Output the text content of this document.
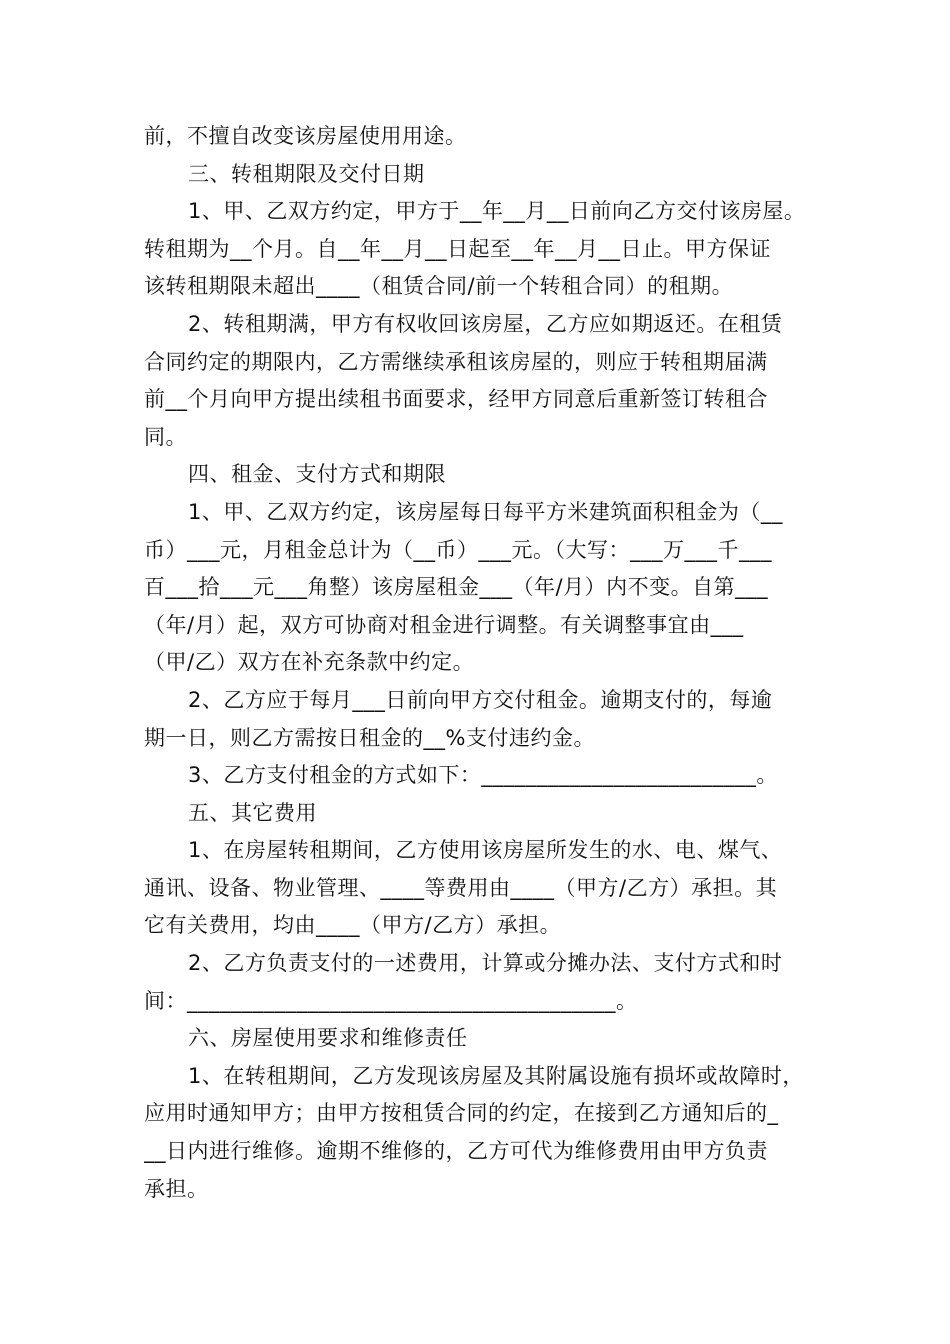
前，不擅自改变该房屋使用用途。
三、转租期限及交付日期
1、甲、乙双方约定，甲方于__年__月__日前向乙方交付该房屋。
转租期为__个月。自__年__月__日起至__年__月__日止。甲方保证
该转租期限未超出____（租赁合同/前一个转租合同）的租期。
2、转租期满，甲方有权收回该房屋，乙方应如期返还。在租赁
合同约定的期限内，乙方需继续承租该房屋的，则应于转租期届满
前__个月向甲方提出续租书面要求，经甲方同意后重新签订转租合
同。
四、租金、支付方式和期限
1、甲、乙双方约定，该房屋每日每平方米建筑面积租金为（__
币）___元，月租金总计为（__币）___元。（大写：___万___千___
百___拾___元___角整）该房屋租金___（年/月）内不变。自第___
（年/月）起，双方可协商对租金进行调整。有关调整事宜由___
（甲/乙）双方在补充条款中约定。
2、乙方应于每月___日前向甲方交付租金。逾期支付的，每逾
期一日，则乙方需按日租金的__%支付违约金。
3、乙方支付租金的方式如下：_________________________。
五、其它费用
1、在房屋转租期间，乙方使用该房屋所发生的水、电、煤气、
通讯、设备、物业管理、____等费用由____（甲方/乙方）承担。其
它有关费用，均由____（甲方/乙方）承担。
2、乙方负责支付的一述费用，计算或分摊办法、支付方式和时
间：_______________________________________。
六、房屋使用要求和维修责任
1、在转租期间，乙方发现该房屋及其附属设施有损坏或故障时，
应用时通知甲方；由甲方按租赁合同的约定，在接到乙方通知后的_
__日内进行维修。逾期不维修的，乙方可代为维修费用由甲方负责
承担。
